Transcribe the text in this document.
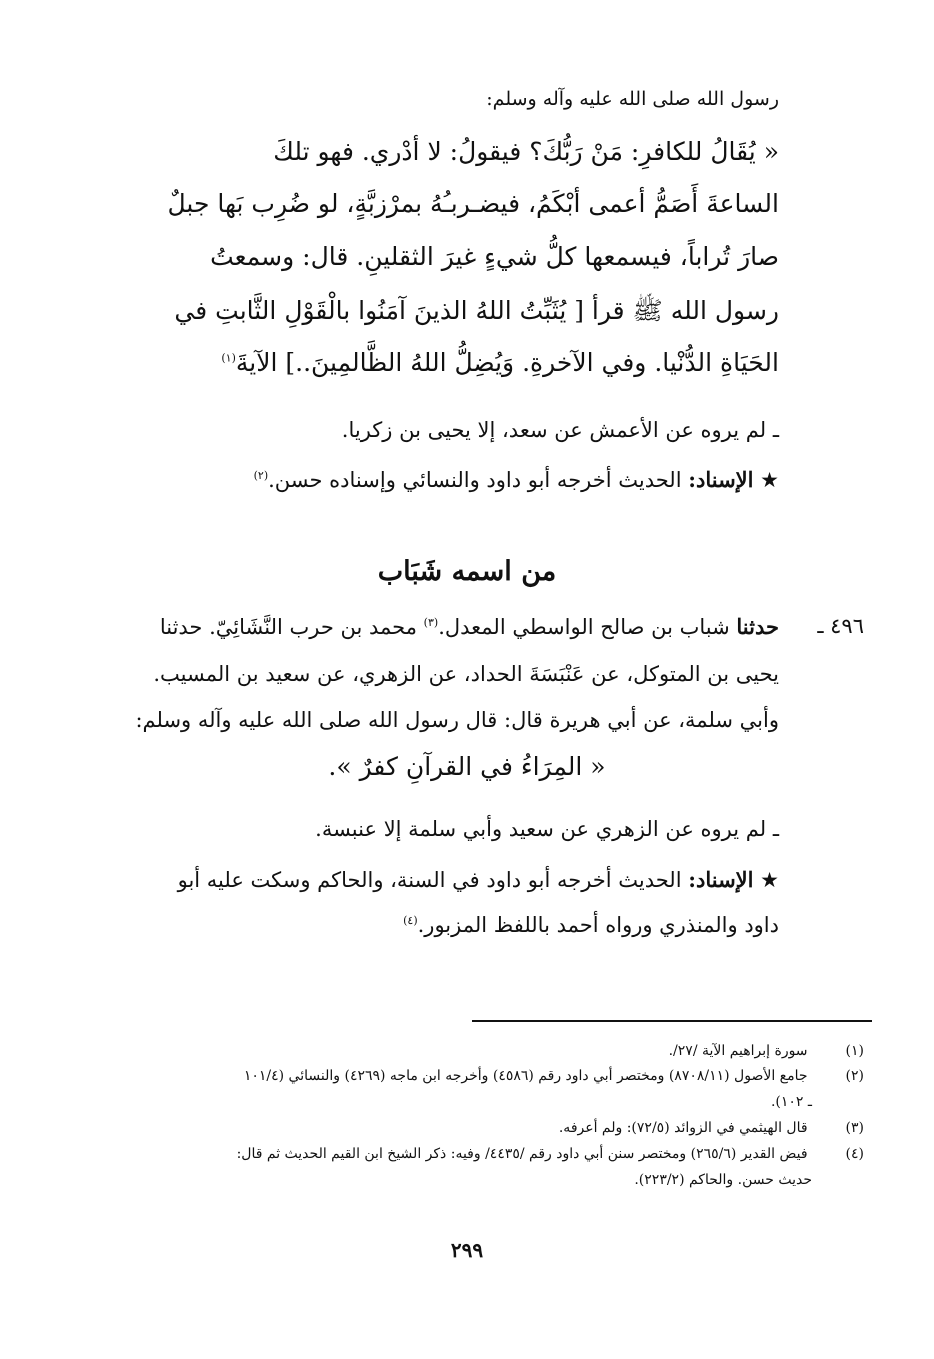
رسول الله صلى الله عليه وآله وسلم:
« يُقَالُ للكافرِ: مَنْ رَبُّكَ؟ فيقولُ: لا أدْري. فهو تلكَ
الساعةَ أَصَمُّ أعمى أبْكَمُ، فيضـربـُهُ بمرْزبَّةٍ، لو ضُرِب بَها جبلٌ
صارَ تُراباً، فيسمعها كلُّ شيءٍ غيرَ الثقلينِ. قال: وسمعتُ
رسول الله ﷺ قرأ [ يُثَبِّتُ اللهُ الذينَ آمَنُوا بالْقَوْلِ الثَّابتِ في
الحَيَاةِ الدُّنْيا. وفي الآخرةِ. وَيُضِلُّ اللهُ الظَّالمِينَ..] الآيةَ$^{(١)}$
ـ لم يروه عن الأعمش عن سعد، إلا يحيى بن زكريا.
★ الإسناد: الحديث أخرجه أبو داود والنسائي وإسناده حسن.$^{(٢)}$
من اسمه شَبَاب
٤٩٦ ـ
حدثنا شباب بن صالح الواسطي المعدل.$^{(٣)}$ محمد بن حرب النَّشَائِيّ. حدثنا
يحيى بن المتوكل، عن عَنْبَسَةَ الحداد، عن الزهري، عن سعيد بن المسيب.
وأبي سلمة، عن أبي هريرة قال: قال رسول الله صلى الله عليه وآله وسلم:
« المِرَاءُ في القرآنِ كفرٌ ».
ـ لم يروه عن الزهري عن سعيد وأبي سلمة إلا عنبسة.
★ الإسناد: الحديث أخرجه أبو داود في السنة، والحاكم وسكت عليه أبو
داود والمنذري ورواه أحمد باللفظ المزبور.$^{(٤)}$
(١) سورة إبراهيم الآية /٢٧/.
(٢) جامع الأصول (٨٧٠٨/١١) ومختصر أبي داود رقم (٤٥٨٦) وأخرجه ابن ماجه (٤٢٦٩) والنسائي (١٠١/٤
ـ ١٠٢).
(٣) قال الهيثمي في الزوائد (٧٢/٥): ولم أعرفه.
(٤) فيض القدير (٢٦٥/٦) ومختصر سنن أبي داود رقم /٤٤٣٥/ وفيه: ذكر الشيخ ابن القيم الحديث ثم قال:
حديث حسن. والحاكم (٢٢٣/٢).
٢٩٩
